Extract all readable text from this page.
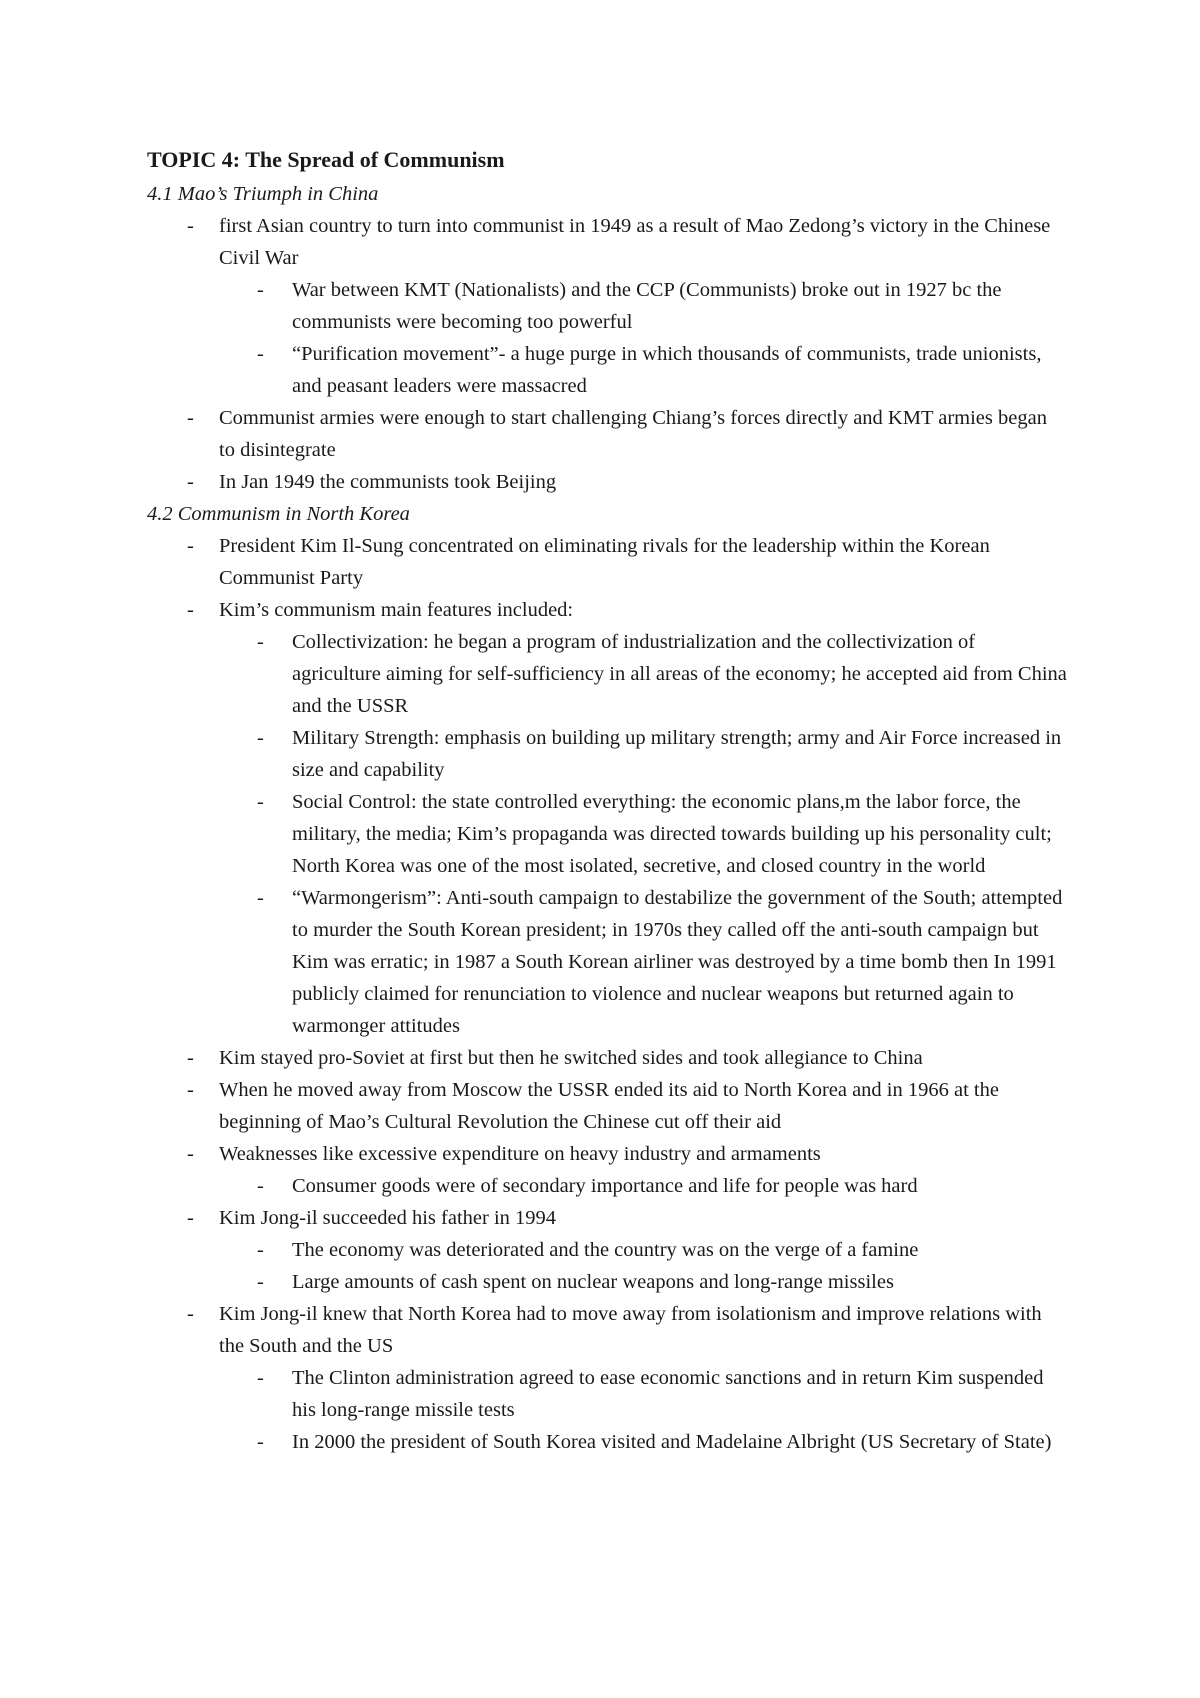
TOPIC 4: The Spread of Communism

4.1 Mao’s Triumph in China

- first Asian country to turn into communist in 1949 as a result of Mao Zedong’s victory in the Chinese Civil War
- War between KMT (Nationalists) and the CCP (Communists) broke out in 1927 bc the communists were becoming too powerful
- “Purification movement”- a huge purge in which thousands of communists, trade unionists, and peasant leaders were massacred
- Communist armies were enough to start challenging Chiang’s forces directly and KMT armies began to disintegrate
- In Jan 1949 the communists took Beijing

4.2 Communism in North Korea

- President Kim Il-Sung concentrated on eliminating rivals for the leadership within the Korean Communist Party
- Kim’s communism main features included:
- Collectivization: he began a program of industrialization and the collectivization of agriculture aiming for self-sufficiency in all areas of the economy; he accepted aid from China and the USSR
- Military Strength: emphasis on building up military strength; army and Air Force increased in size and capability
- Social Control: the state controlled everything: the economic plans,m the labor force, the military, the media; Kim’s propaganda was directed towards building up his personality cult; North Korea was one of the most isolated, secretive, and closed country in the world
- “Warmongerism”: Anti-south campaign to destabilize the government of the South; attempted to murder the South Korean president; in 1970s they called off the anti-south campaign but Kim was erratic; in 1987 a South Korean airliner was destroyed by a time bomb then In 1991 publicly claimed for renunciation to violence and nuclear weapons but returned again to warmonger attitudes
- Kim stayed pro-Soviet at first but then he switched sides and took allegiance to China
- When he moved away from Moscow the USSR ended its aid to North Korea and in 1966 at the beginning of Mao’s Cultural Revolution the Chinese cut off their aid
- Weaknesses like excessive expenditure on heavy industry and armaments
- Consumer goods were of secondary importance and life for people was hard
- Kim Jong-il succeeded his father in 1994
- The economy was deteriorated and the country was on the verge of a famine
- Large amounts of cash spent on nuclear weapons and long-range missiles
- Kim Jong-il knew that North Korea had to move away from isolationism and improve relations with the South and the US
- The Clinton administration agreed to ease economic sanctions and in return Kim suspended his long-range missile tests
- In 2000 the president of South Korea visited and Madelaine Albright (US Secretary of State)
